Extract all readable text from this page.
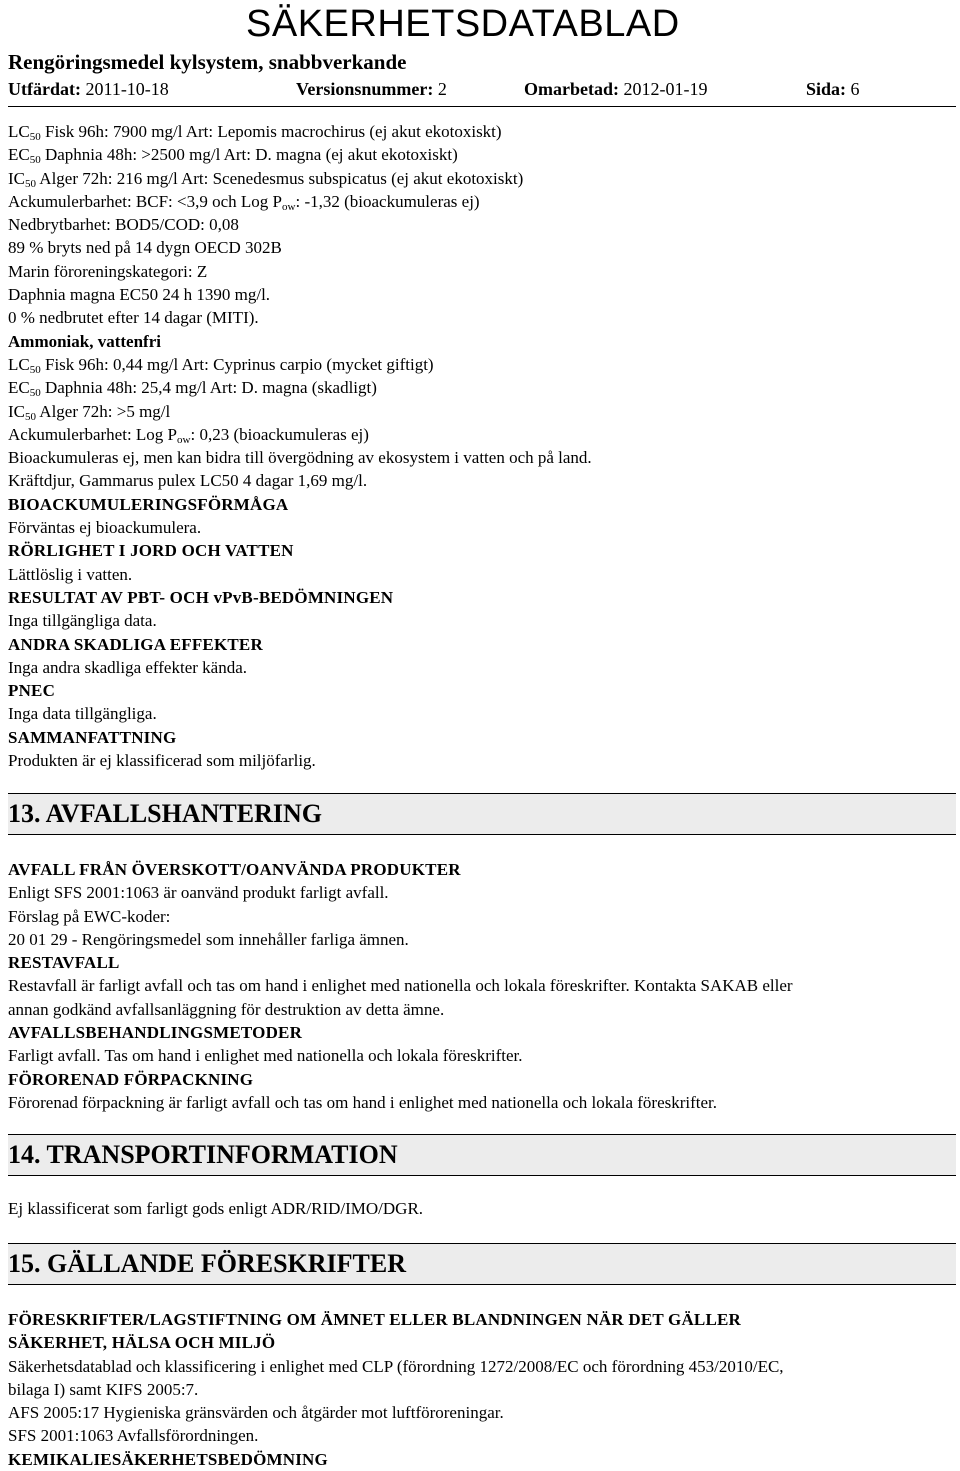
SÄKERHETSDATABLAD
Rengöringsmedel kylsystem, snabbverkande
Utfärdat: 2011-10-18	Versionsnummer: 2	Omarbetad: 2012-01-19	Sida: 6
$LC_{50}$ Fisk 96h: 7900 mg/l Art: Lepomis macrochirus (ej akut ekotoxiskt)
$EC_{50}$ Daphnia 48h: >2500 mg/l Art: D. magna (ej akut ekotoxiskt)
$IC_{50}$ Alger 72h: 216 mg/l Art: Scenedesmus subspicatus (ej akut ekotoxiskt)
Ackumulerbarhet: BCF: <3,9 och Log $P_{ow}$: -1,32 (bioackumuleras ej)
Nedbrytbarhet: BOD5/COD: 0,08
89 % bryts ned på 14 dygn OECD 302B
Marin föroreningskategori: Z
Daphnia magna EC50 24 h 1390 mg/l.
0 % nedbrutet efter 14 dagar (MITI).
Ammoniak, vattenfri
$LC_{50}$ Fisk 96h: 0,44 mg/l Art: Cyprinus carpio (mycket giftigt)
$EC_{50}$ Daphnia 48h: 25,4 mg/l Art: D. magna (skadligt)
$IC_{50}$ Alger 72h: >5 mg/l
Ackumulerbarhet: Log $P_{ow}$: 0,23 (bioackumuleras ej)
Bioackumuleras ej, men kan bidra till övergödning av ekosystem i vatten och på land.
Kräftdjur, Gammarus pulex LC50 4 dagar 1,69 mg/l.
BIOACKUMULERINGSFÖRMÅGA
Förväntas ej bioackumulera.
RÖRLIGHET I JORD OCH VATTEN
Lättlöslig i vatten.
RESULTAT AV PBT- OCH vPvB-BEDÖMNINGEN
Inga tillgängliga data.
ANDRA SKADLIGA EFFEKTER
Inga andra skadliga effekter kända.
PNEC
Inga data tillgängliga.
SAMMANFATTNING
Produkten är ej klassificerad som miljöfarlig.
13. AVFALLSHANTERING
AVFALL FRÅN ÖVERSKOTT/OANVÄNDA PRODUKTER
Enligt SFS 2001:1063 är oanvänd produkt farligt avfall.
Förslag på EWC-koder:
20 01 29 - Rengöringsmedel som innehåller farliga ämnen.
RESTAVFALL
Restavfall är farligt avfall och tas om hand i enlighet med nationella och lokala föreskrifter. Kontakta SAKAB eller
annan godkänd avfallsanläggning för destruktion av detta ämne.
AVFALLSBEHANDLINGSMETODER
Farligt avfall. Tas om hand i enlighet med nationella och lokala föreskrifter.
FÖRORENAD FÖRPACKNING
Förorenad förpackning är farligt avfall och tas om hand i enlighet med nationella och lokala föreskrifter.
14. TRANSPORTINFORMATION
Ej klassificerat som farligt gods enligt ADR/RID/IMO/DGR.
15. GÄLLANDE FÖRESKRIFTER
FÖRESKRIFTER/LAGSTIFTNING OM ÄMNET ELLER BLANDNINGEN NÄR DET GÄLLER
SÄKERHET, HÄLSA OCH MILJÖ
Säkerhetsdatablad och klassificering i enlighet med CLP (förordning 1272/2008/EC och förordning 453/2010/EC,
bilaga I) samt KIFS 2005:7.
AFS 2005:17 Hygieniska gränsvärden och åtgärder mot luftföroreningar.
SFS 2001:1063 Avfallsförordningen.
KEMIKALIESÄKERHETSBEDÖMNING
